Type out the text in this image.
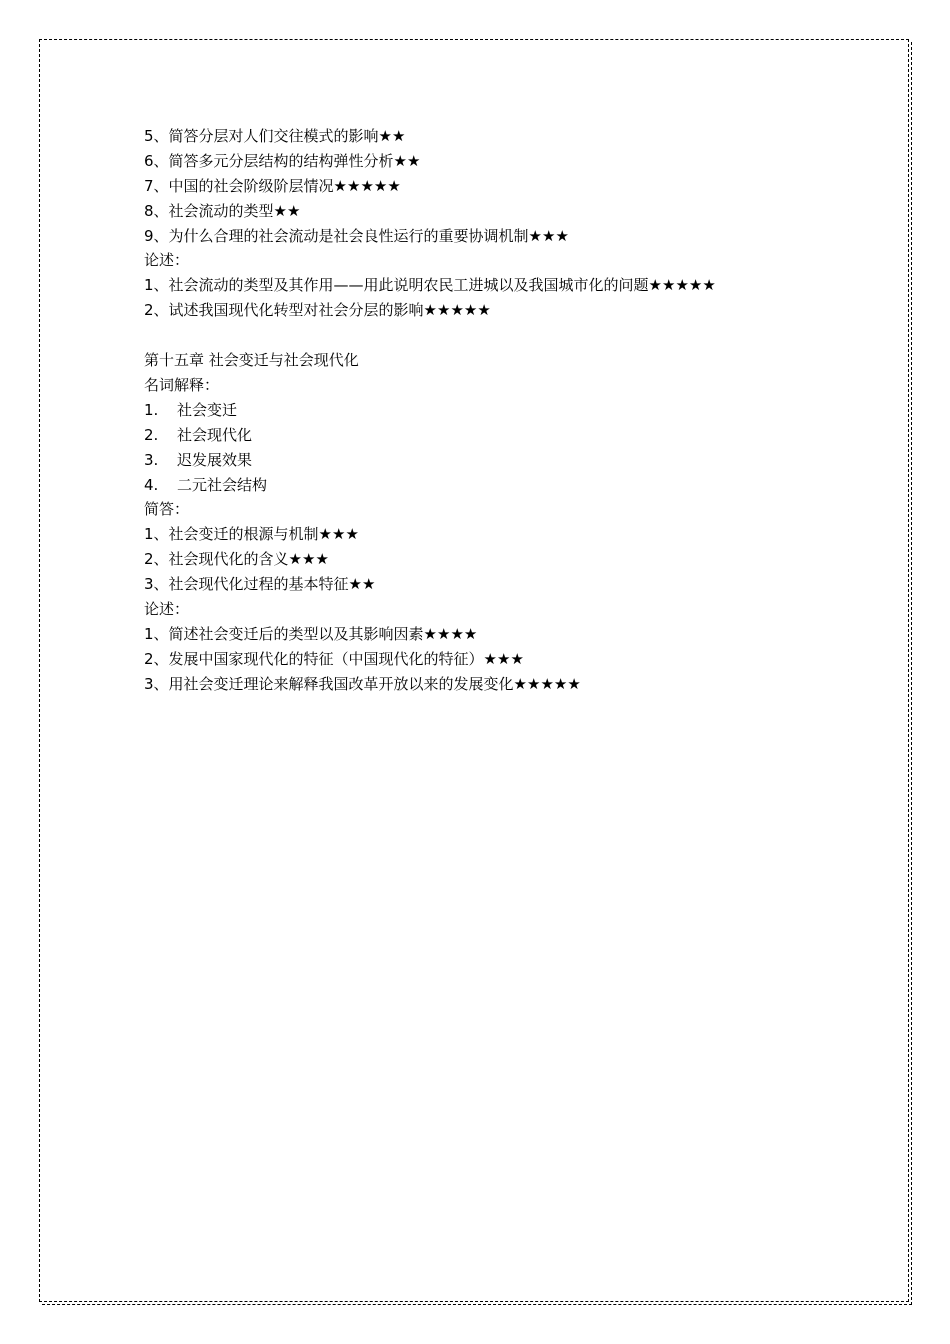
5、简答分层对人们交往模式的影响★★
6、简答多元分层结构的结构弹性分析★★
7、中国的社会阶级阶层情况★★★★★
8、社会流动的类型★★
9、为什么合理的社会流动是社会良性运行的重要协调机制★★★
论述：
1、社会流动的类型及其作用——用此说明农民工进城以及我国城市化的问题★★★★★
2、试述我国现代化转型对社会分层的影响★★★★★
第十五章 社会变迁与社会现代化
名词解释：
1. 社会变迁
2. 社会现代化
3. 迟发展效果
4. 二元社会结构
简答：
1、社会变迁的根源与机制★★★
2、社会现代化的含义★★★
3、社会现代化过程的基本特征★★
论述：
1、简述社会变迁后的类型以及其影响因素★★★★
2、发展中国家现代化的特征（中国现代化的特征）★★★
3、用社会变迁理论来解释我国改革开放以来的发展变化★★★★★
